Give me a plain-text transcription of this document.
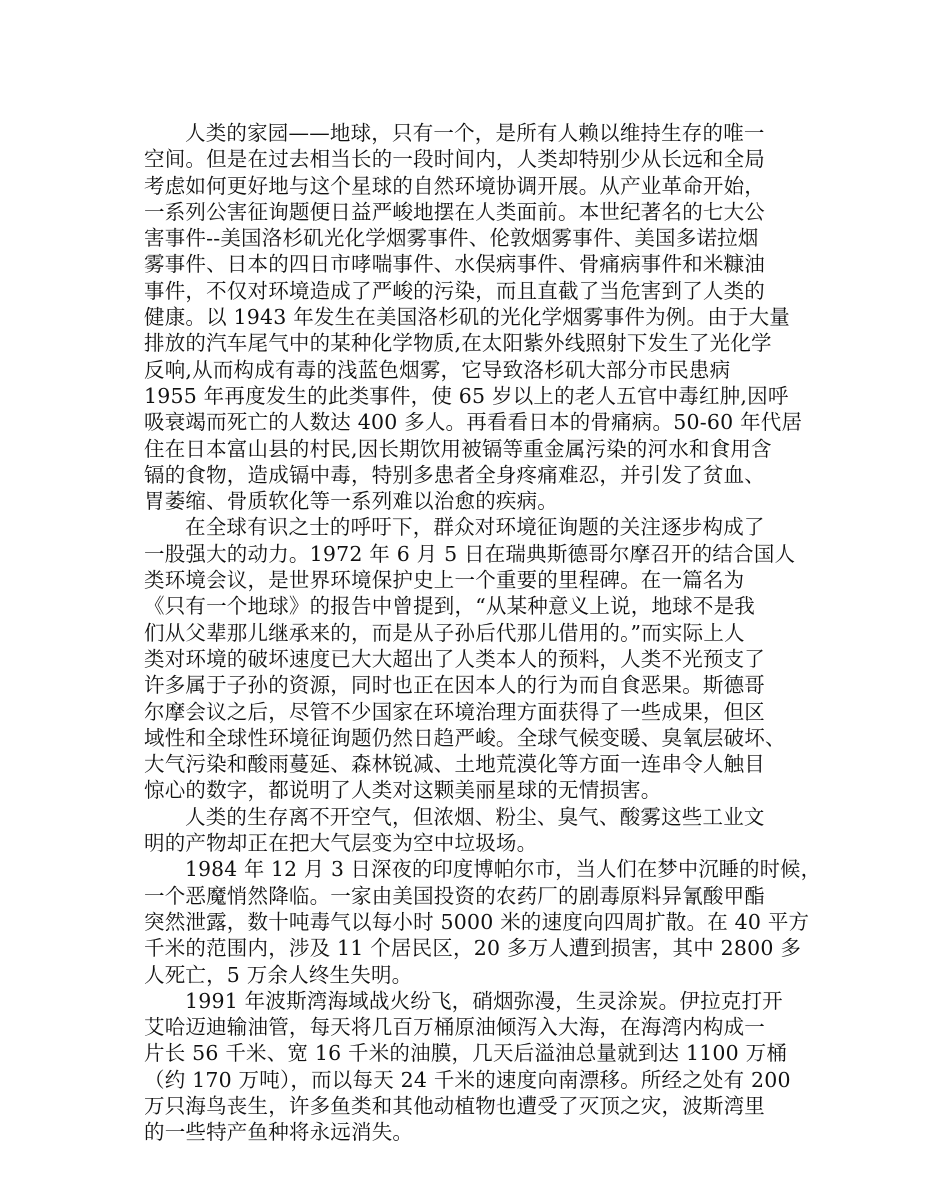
人类的家园——地球，只有一个，是所有人赖以维持生存的唯一
空间。但是在过去相当长的一段时间内，人类却特别少从长远和全局
考虑如何更好地与这个星球的自然环境协调开展。从产业革命开始，
一系列公害征询题便日益严峻地摆在人类面前。本世纪著名的七大公
害事件--美国洛杉矶光化学烟雾事件、伦敦烟雾事件、美国多诺拉烟
雾事件、日本的四日市哮喘事件、水俣病事件、骨痛病事件和米糠油
事件，不仅对环境造成了严峻的污染，而且直截了当危害到了人类的
健康。以 1943 年发生在美国洛杉矶的光化学烟雾事件为例。由于大量
排放的汽车尾气中的某种化学物质,在太阳紫外线照射下发生了光化学
反响,从而构成有毒的浅蓝色烟雾，它导致洛杉矶大部分市民患病
1955 年再度发生的此类事件，使 65 岁以上的老人五官中毒红肿,因呼
吸衰竭而死亡的人数达 400 多人。再看看日本的骨痛病。50-60 年代居
住在日本富山县的村民,因长期饮用被镉等重金属污染的河水和食用含
镉的食物，造成镉中毒，特别多患者全身疼痛难忍，并引发了贫血、
胃萎缩、骨质软化等一系列难以治愈的疾病。
在全球有识之士的呼吁下，群众对环境征询题的关注逐步构成了
一股强大的动力。1972 年 6 月 5 日在瑞典斯德哥尔摩召开的结合国人
类环境会议，是世界环境保护史上一个重要的里程碑。在一篇名为
《只有一个地球》的报告中曾提到，“从某种意义上说，地球不是我
们从父辈那儿继承来的，而是从子孙后代那儿借用的。”而实际上人
类对环境的破坏速度已大大超出了人类本人的预料，人类不光预支了
许多属于子孙的资源，同时也正在因本人的行为而自食恶果。斯德哥
尔摩会议之后，尽管不少国家在环境治理方面获得了一些成果，但区
域性和全球性环境征询题仍然日趋严峻。全球气候变暖、臭氧层破坏、
大气污染和酸雨蔓延、森林锐减、土地荒漠化等方面一连串令人触目
惊心的数字，都说明了人类对这颗美丽星球的无情损害。
人类的生存离不开空气，但浓烟、粉尘、臭气、酸雾这些工业文
明的产物却正在把大气层变为空中垃圾场。
1984 年 12 月 3 日深夜的印度博帕尔市，当人们在梦中沉睡的时候，
一个恶魔悄然降临。一家由美国投资的农药厂的剧毒原料异氰酸甲酯
突然泄露，数十吨毒气以每小时 5000 米的速度向四周扩散。在 40 平方
千米的范围内，涉及 11 个居民区，20 多万人遭到损害，其中 2800 多
人死亡，5 万余人终生失明。
1991 年波斯湾海域战火纷飞，硝烟弥漫，生灵涂炭。伊拉克打开
艾哈迈迪输油管，每天将几百万桶原油倾泻入大海，在海湾内构成一
片长 56 千米、宽 16 千米的油膜，几天后溢油总量就到达 1100 万桶
（约 170 万吨），而以每天 24 千米的速度向南漂移。所经之处有 200
万只海鸟丧生，许多鱼类和其他动植物也遭受了灭顶之灾，波斯湾里
的一些特产鱼种将永远消失。
